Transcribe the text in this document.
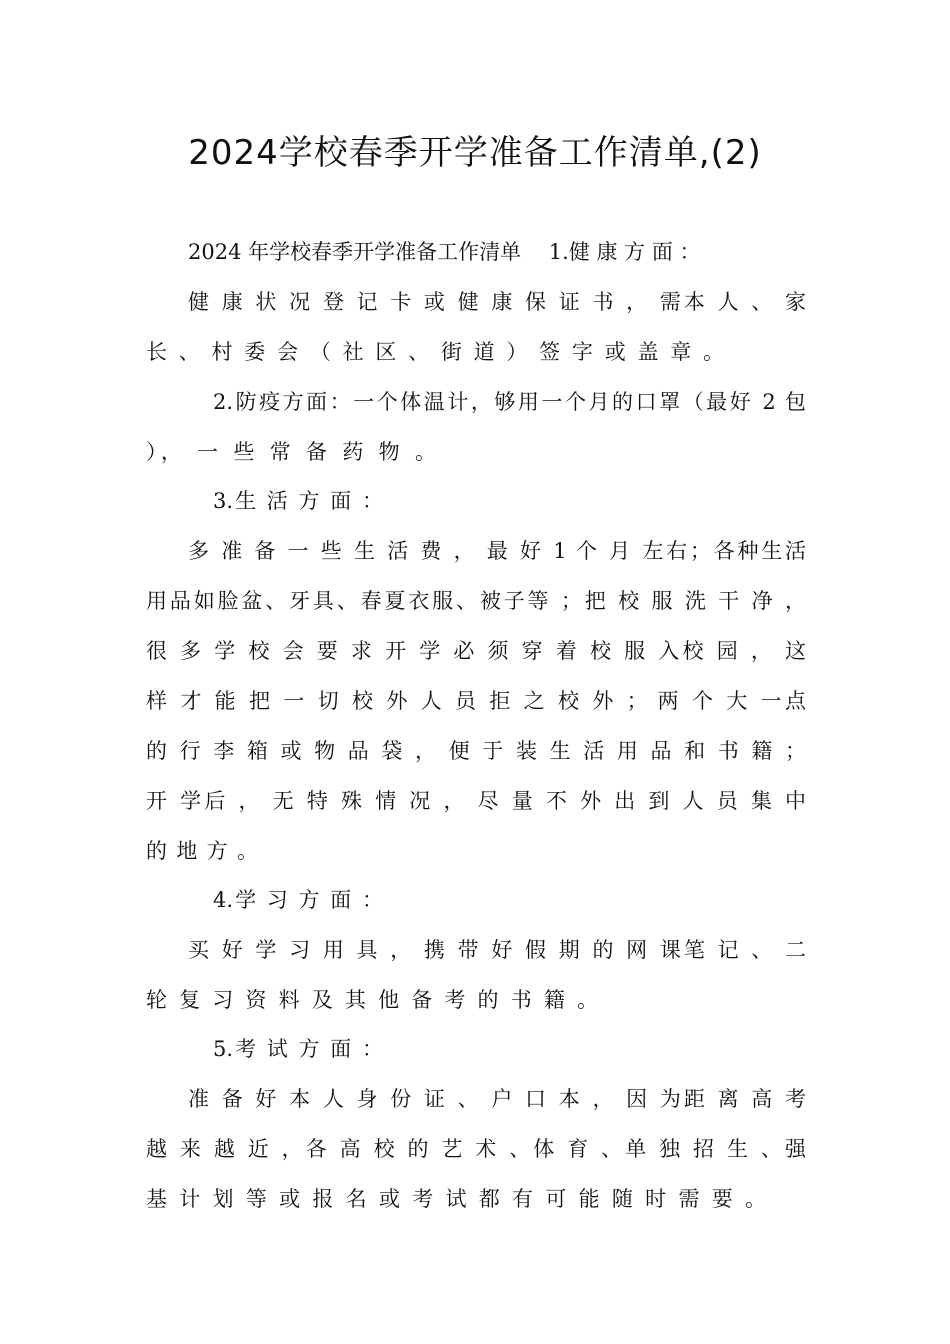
2024学校春季开学准备工作清单,(2)

2024 年学校春季开学准备工作清单　 1.健 康 方 面 ：

健 康 状 况 登 记 卡 或 健 康 保 证 书 ， 需本 人 、 家

长 、 村 委 会 （ 社 区 、 街 道 ） 签 字 或 盖 章 。

2.防疫方面：一个体温计，够用一个月的口罩（最好 2 包

）， 一 些 常 备 药 物 。

3.生 活 方 面 ：

多 准 备 一 些 生 活 费 ， 最 好 1 个 月 左右；各种生活

用品如脸盆、牙具、春夏衣服、被子等 ；把 校 服 洗 干 净 ，

很 多 学 校 会 要 求 开 学 必 须 穿 着 校 服 入校 园 ， 这

样 才 能 把 一 切 校 外 人 员 拒 之 校 外 ； 两 个 大 一点

的 行 李 箱 或 物 品 袋 ， 便 于 装 生 活 用 品 和 书 籍 ；

开 学后 ， 无 特 殊 情 况 ， 尽 量 不 外 出 到 人 员 集 中

的 地 方 。

4.学 习 方 面 ：

买 好 学 习 用 具 ， 携 带 好 假 期 的 网 课笔 记 、 二

轮 复 习 资 料 及 其 他 备 考 的 书 籍 。

5.考 试 方 面 ：

准 备 好 本 人 身 份 证 、 户 口 本 ， 因 为距 离 高 考

越 来 越 近 ，各 高 校 的 艺 术 、体 育 、单 独 招 生 、强

基 计 划 等 或 报 名 或 考 试 都 有 可 能 随 时 需 要 。
